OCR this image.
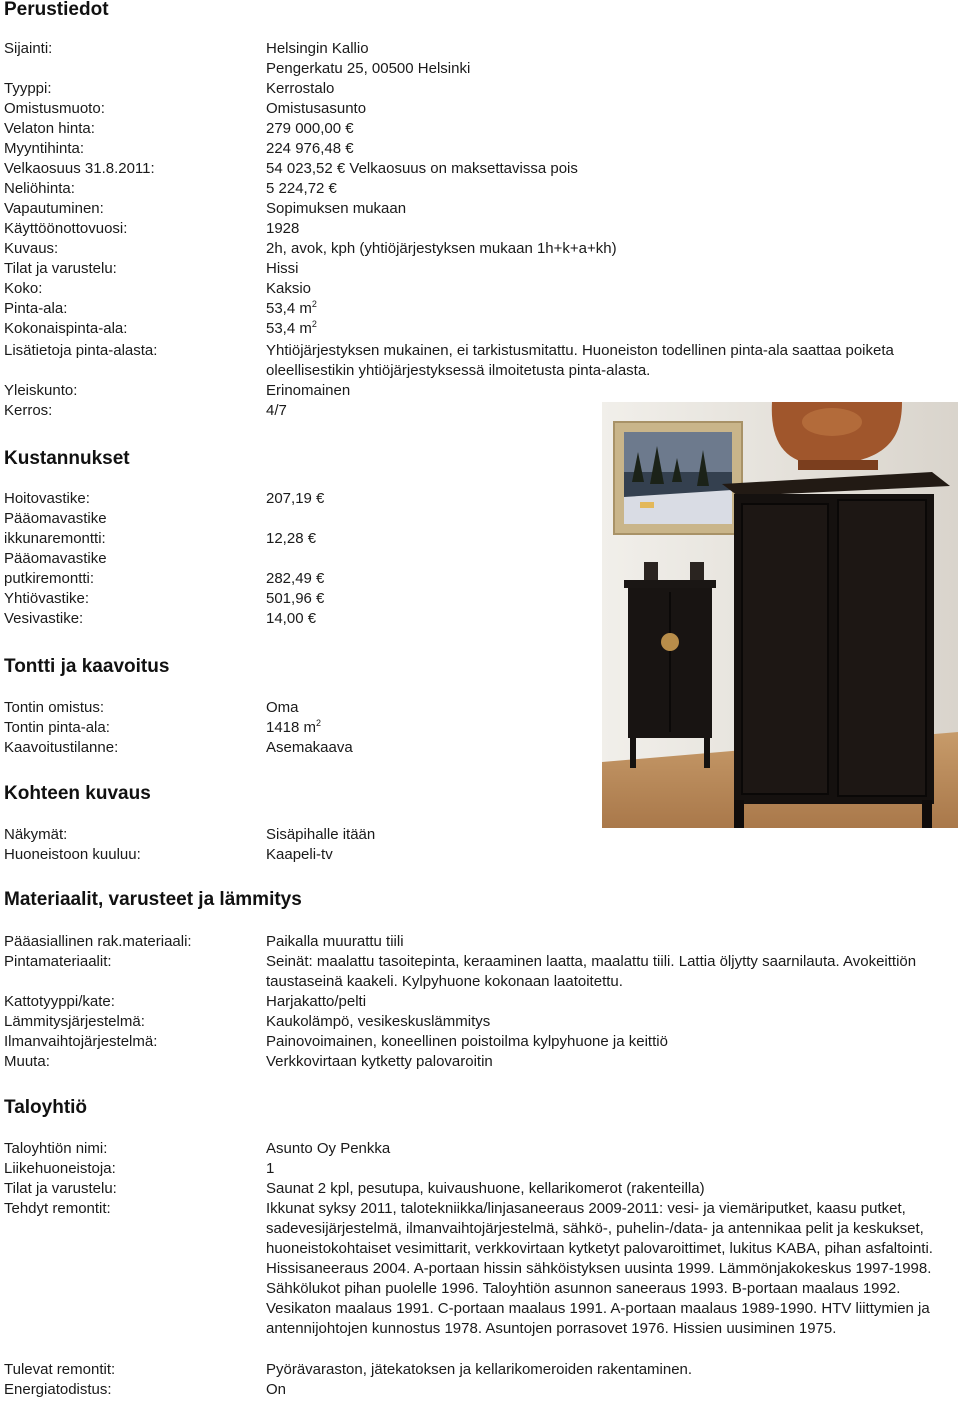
Perustiedot
Sijainti:	Helsingin Kallio
Pengerkatu 25, 00500 Helsinki
Tyyppi:	Kerrostalo
Omistusmuoto:	Omistusasunto
Velaton hinta:	279 000,00 €
Myyntihinta:	224 976,48 €
Velkaosuus 31.8.2011:	54 023,52 € Velkaosuus on maksettavissa pois
Neliöhinta:	5 224,72 €
Vapautuminen:	Sopimuksen mukaan
Käyttöönottovuosi:	1928
Kuvaus:	2h, avok, kph (yhtiöjärjestyksen mukaan 1h+k+a+kh)
Tilat ja varustelu:	Hissi
Koko:	Kaksio
Pinta-ala:	53,4 $m^2$
Kokonaispinta-ala:	53,4 $m^2$
Lisätietoja pinta-alasta:	Yhtiöjärjestyksen mukainen, ei tarkistusmitattu. Huoneiston todellinen pinta-ala saattaa poiketa oleellisestikin yhtiöjärjestyksessä ilmoitetusta pinta-alasta.
Yleiskunto:	Erinomainen
Kerros:	4/7
Kustannukset
Hoitovastike:	207,19 €
Pääomavastike
ikkunaremontti:	12,28 €
Pääomavastike
putkiremontti:	282,49 €
Yhtiövastike:	501,96 €
Vesivastike:	14,00 €
Tontti ja kaavoitus
Tontin omistus:	Oma
Tontin pinta-ala:	1418 $m^2$
Kaavoitustilanne:	Asemakaava
Kohteen kuvaus
Näkymät:	Sisäpihalle itään
Huoneistoon kuuluu:	Kaapeli-tv
Materiaalit, varusteet ja lämmitys
Pääasiallinen rak.materiaali:	Paikalla muurattu tiili
Pintamateriaalit:	Seinät: maalattu tasoitepinta, keraaminen laatta, maalattu tiili. Lattia öljytty saarnilauta. Avokeittiön taustaseinä kaakeli. Kylpyhuone kokonaan laatoitettu.
Kattotyyppi/kate:	Harjakatto/pelti
Lämmitysjärjestelmä:	Kaukolämpö, vesikeskuslämmitys
Ilmanvaihtojärjestelmä:	Painovoimainen, koneellinen poistoilma kylpyhuone ja keittiö
Muuta:	Verkkovirtaan kytketty palovaroitin
Taloyhtiö
Taloyhtiön nimi:	Asunto Oy Penkka
Liikehuoneistoja:	1
Tilat ja varustelu:	Saunat 2 kpl, pesutupa, kuivaushuone, kellarikomerot (rakenteilla)
Tehdyt remontit:	Ikkunat syksy 2011, talotekniikka/linjasaneeraus 2009-2011: vesi- ja viemäriputket, kaasu putket, sadevesijärjestelmä, ilmanvaihtojärjestelmä, sähkö-, puhelin-/data- ja antennikaa pelit ja keskukset, huoneistokohtaiset vesimittarit, verkkovirtaan kytketyt palovaroittimet, lukitus KABA, pihan asfaltointi. Hissisaneeraus 2004. A-portaan hissin sähköistyksen uusinta 1999. Lämmönjakokeskus 1997-1998. Sähkölukot pihan puolelle 1996. Taloyhtiön asunnon saneeraus 1993. B-portaan maalaus 1992. Vesikaton maalaus 1991. C-portaan maalaus 1991. A-portaan maalaus 1989-1990. HTV liittymien ja antennijohtojen kunnostus 1978. Asuntojen porrasovet 1976. Hissien uusiminen 1975.
Tulevat remontit:	Pyörävaraston, jätekatoksen ja kellarikomeroiden rakentaminen.
Energiatodistus:	On
